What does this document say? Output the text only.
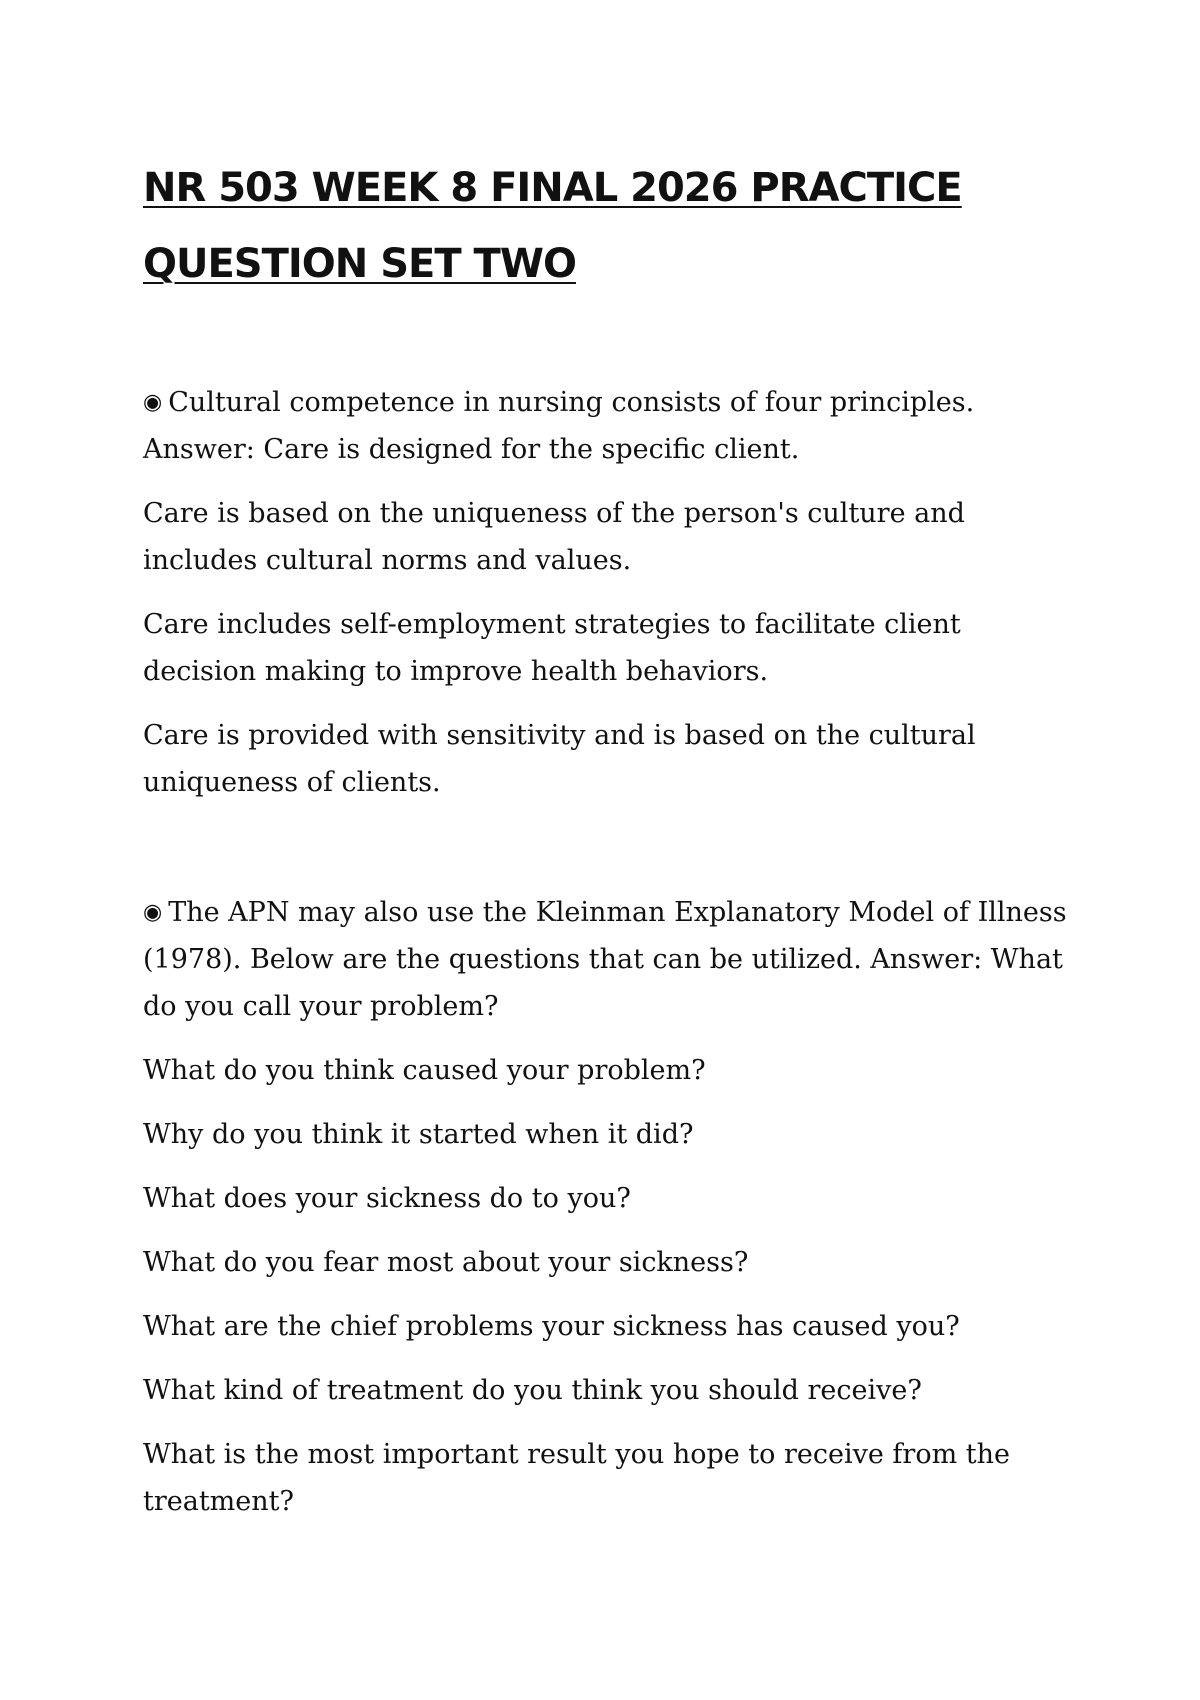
NR 503 WEEK 8 FINAL 2026 PRACTICE
QUESTION SET TWO

◉ Cultural competence in nursing consists of four principles. Answer: Care is designed for the specific client.

Care is based on the uniqueness of the person's culture and includes cultural norms and values.

Care includes self-employment strategies to facilitate client decision making to improve health behaviors.

Care is provided with sensitivity and is based on the cultural uniqueness of clients.

◉ The APN may also use the Kleinman Explanatory Model of Illness (1978). Below are the questions that can be utilized. Answer: What do you call your problem?

What do you think caused your problem?

Why do you think it started when it did?

What does your sickness do to you?

What do you fear most about your sickness?

What are the chief problems your sickness has caused you?

What kind of treatment do you think you should receive?

What is the most important result you hope to receive from the treatment?
